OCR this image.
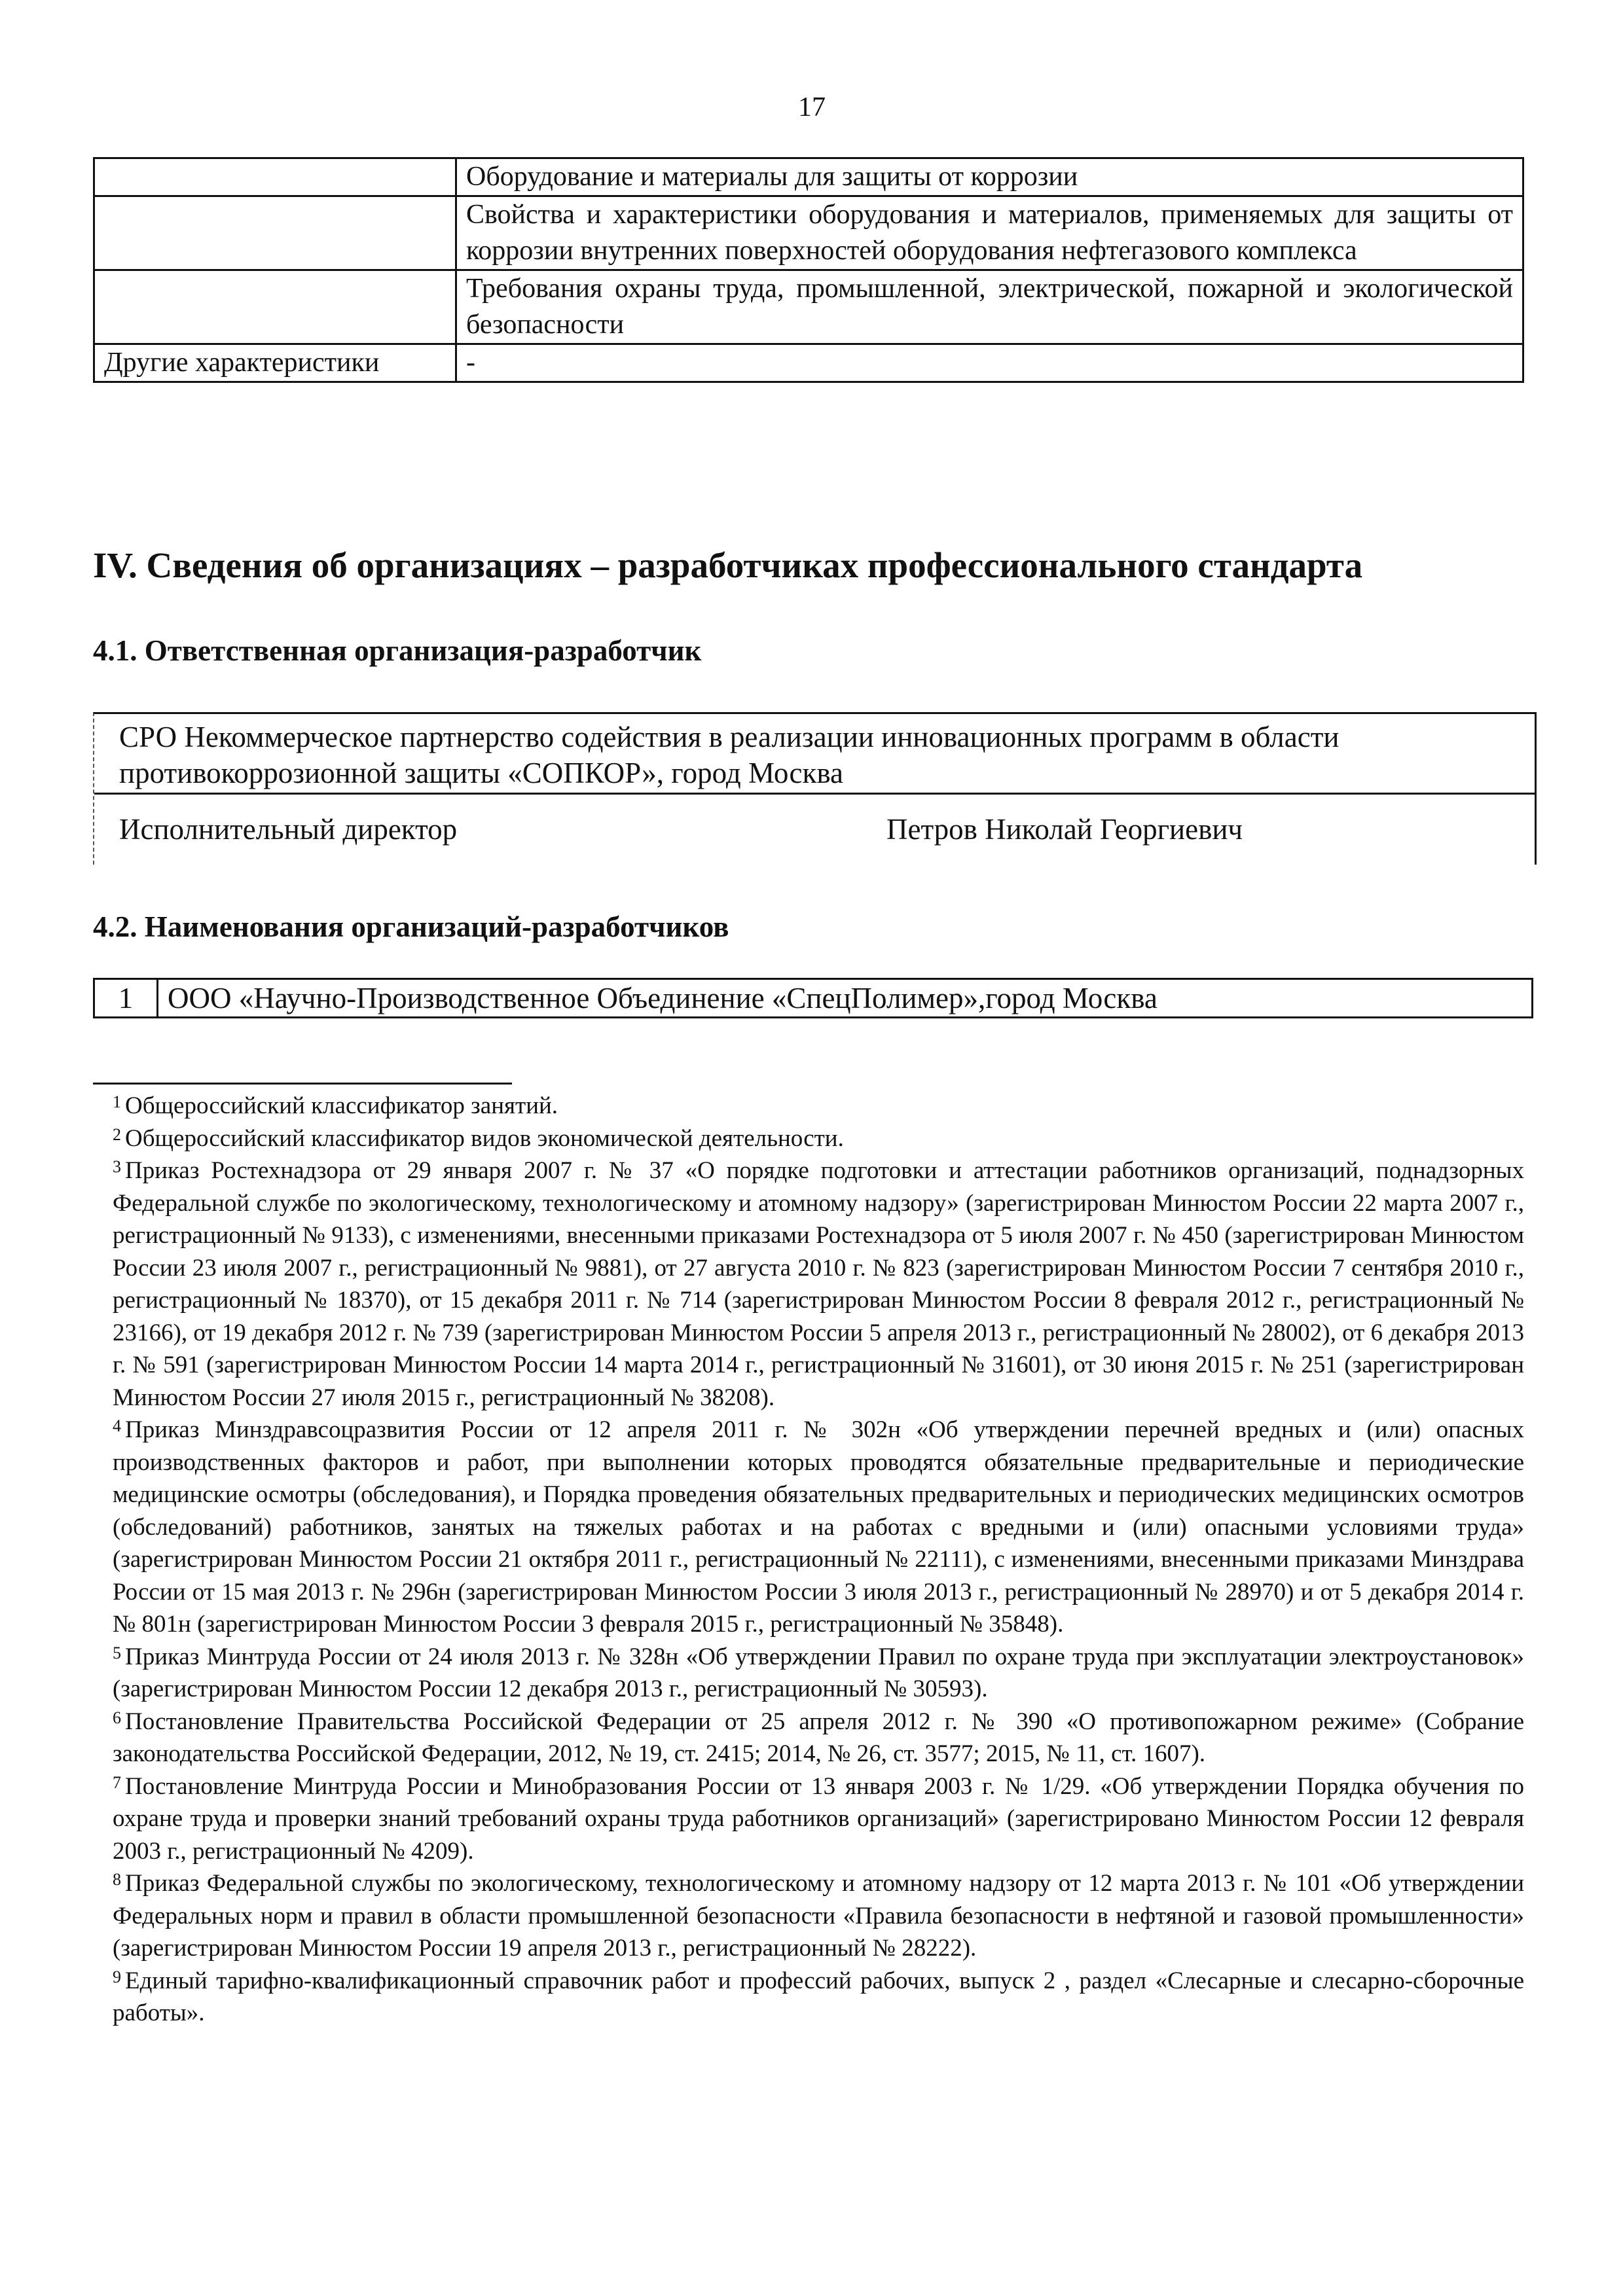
17
	Оборудование и материалы для защиты от коррозии
	Свойства и характеристики оборудования и материалов, применяемых для защиты от коррозии внутренних поверхностей оборудования нефтегазового комплекса
	Требования охраны труда, промышленной, электрической, пожарной и экологической безопасности
Другие характеристики	-
IV. Сведения об организациях – разработчиках профессионального стандарта
4.1. Ответственная организация-разработчик
СРО Некоммерческое партнерство содействия в реализации инновационных программ в области противокоррозионной защиты «СОПКОР», город Москва
Исполнительный директор	Петров Николай Георгиевич
4.2. Наименования организаций-разработчиков
1	ООО «Научно-Производственное Объединение «СпецПолимер»,город Москва

$^1$ Общероссийский классификатор занятий.

$^2$ Общероссийский классификатор видов экономической деятельности.

$^3$ Приказ Ростехнадзора от 29 января 2007 г. № 37 «О порядке подготовки и аттестации работников организаций, поднадзорных Федеральной службе по экологическому, технологическому и атомному надзору» (зарегистрирован Минюстом России 22 марта 2007 г., регистрационный № 9133), с изменениями, внесенными приказами Ростехнадзора от 5 июля 2007 г. № 450 (зарегистрирован Минюстом России 23 июля 2007 г., регистрационный № 9881), от 27 августа 2010 г. № 823 (зарегистрирован Минюстом России 7 сентября 2010 г., регистрационный № 18370), от 15 декабря 2011 г. № 714 (зарегистрирован Минюстом России 8 февраля 2012 г., регистрационный № 23166), от 19 декабря 2012 г. № 739 (зарегистрирован Минюстом России 5 апреля 2013 г., регистрационный № 28002), от 6 декабря 2013 г. № 591 (зарегистрирован Минюстом России 14 марта 2014 г., регистрационный № 31601), от 30 июня 2015 г. № 251 (зарегистрирован Минюстом России 27 июля 2015 г., регистрационный № 38208).

$^4$ Приказ Минздравсоцразвития России от 12 апреля 2011 г. № 302н «Об утверждении перечней вредных и (или) опасных производственных факторов и работ, при выполнении которых проводятся обязательные предварительные и периодические медицинские осмотры (обследования), и Порядка проведения обязательных предварительных и периодических медицинских осмотров (обследований) работников, занятых на тяжелых работах и на работах с вредными и (или) опасными условиями труда» (зарегистрирован Минюстом России 21 октября 2011 г., регистрационный № 22111), с изменениями, внесенными приказами Минздрава России от 15 мая 2013 г. № 296н (зарегистрирован Минюстом России 3 июля 2013 г., регистрационный № 28970) и от 5 декабря 2014 г. № 801н (зарегистрирован Минюстом России 3 февраля 2015 г., регистрационный № 35848).

$^5$ Приказ Минтруда России от 24 июля 2013 г. № 328н «Об утверждении Правил по охране труда при эксплуатации электроустановок» (зарегистрирован Минюстом России 12 декабря 2013 г., регистрационный № 30593).

$^6$ Постановление Правительства Российской Федерации от 25 апреля 2012 г. № 390 «О противопожарном режиме» (Собрание законодательства Российской Федерации, 2012, № 19, ст. 2415; 2014, № 26, ст. 3577; 2015, № 11, ст. 1607).

$^7$ Постановление Минтруда России и Минобразования России от 13 января 2003 г. № 1/29. «Об утверждении Порядка обучения по охране труда и проверки знаний требований охраны труда работников организаций» (зарегистрировано Минюстом России 12 февраля 2003 г., регистрационный № 4209).

$^8$ Приказ Федеральной службы по экологическому, технологическому и атомному надзору от 12 марта 2013 г. № 101 «Об утверждении Федеральных норм и правил в области промышленной безопасности «Правила безопасности в нефтяной и газовой промышленности» (зарегистрирован Минюстом России 19 апреля 2013 г., регистрационный № 28222).

$^9$ Единый тарифно-квалификационный справочник работ и профессий рабочих, выпуск 2 , раздел «Слесарные и слесарно-сборочные работы».
